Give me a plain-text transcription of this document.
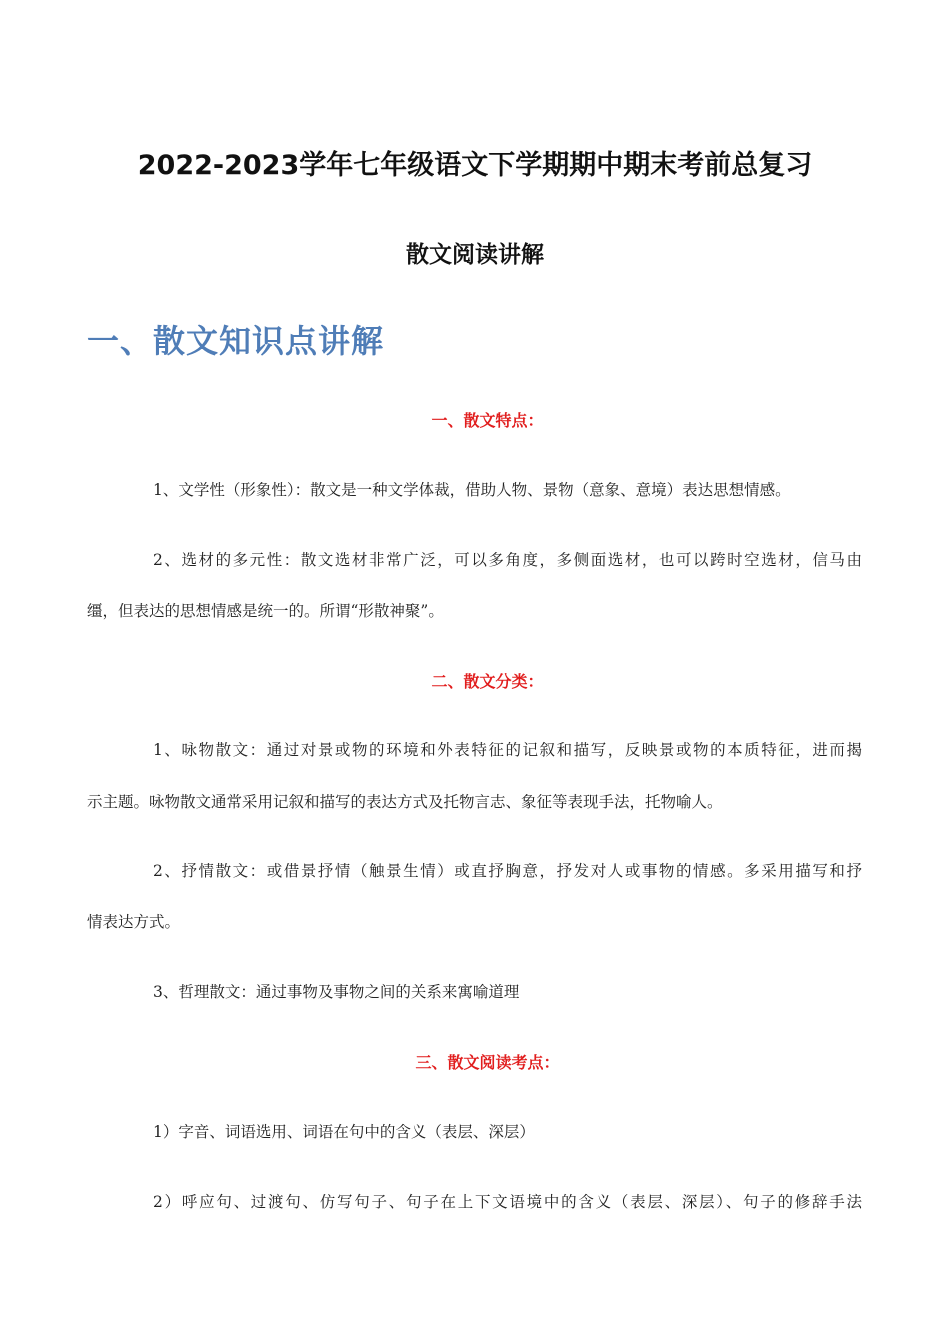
2022-2023学年七年级语文下学期期中期末考前总复习
散文阅读讲解
一、散文知识点讲解
一、散文特点：
1、文学性（形象性）：散文是一种文学体裁，借助人物、景物（意象、意境）表达思想情感。
2、选材的多元性：散文选材非常广泛，可以多角度，多侧面选材，也可以跨时空选材，信马由
缰，但表达的思想情感是统一的。所谓“形散神聚”。
二、散文分类：
1、咏物散文：通过对景或物的环境和外表特征的记叙和描写，反映景或物的本质特征，进而揭
示主题。咏物散文通常采用记叙和描写的表达方式及托物言志、象征等表现手法，托物喻人。
2、抒情散文：或借景抒情（触景生情）或直抒胸意，抒发对人或事物的情感。多采用描写和抒
情表达方式。
3、哲理散文：通过事物及事物之间的关系来寓喻道理
三、散文阅读考点：
1）字音、词语选用、词语在句中的含义（表层、深层）
2）呼应句、过渡句、仿写句子、句子在上下文语境中的含义（表层、深层）、句子的修辞手法
